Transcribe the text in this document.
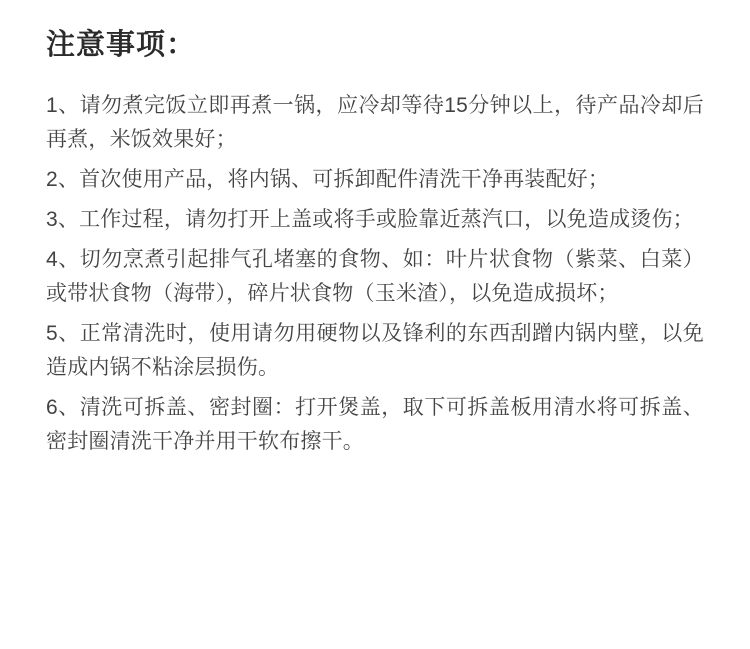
注意事项：
1、请勿煮完饭立即再煮一锅，应冷却等待15分钟以上，待产品冷却后再煮，米饭效果好；
2、首次使用产品，将内锅、可拆卸配件清洗干净再装配好；
3、工作过程，请勿打开上盖或将手或脸靠近蒸汽口，以免造成烫伤；
4、切勿烹煮引起排气孔堵塞的食物、如：叶片状食物（紫菜、白菜）或带状食物（海带），碎片状食物（玉米渣），以免造成损坏；
5、正常清洗时，使用请勿用硬物以及锋利的东西刮蹭内锅内壁，以免造成内锅不粘涂层损伤。
6、清洗可拆盖、密封圈：打开煲盖，取下可拆盖板用清水将可拆盖、密封圈清洗干净并用干软布擦干。
